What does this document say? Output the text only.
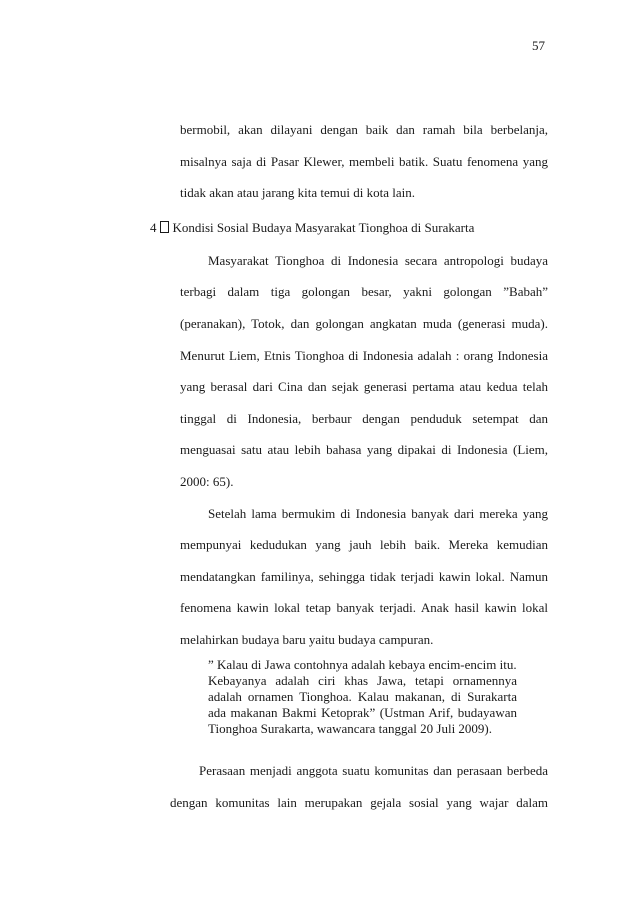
57
bermobil, akan dilayani dengan baik dan ramah bila berbelanja,
misalnya saja di Pasar Klewer, membeli batik. Suatu fenomena yang
tidak akan atau jarang kita temui di kota lain.
4 Kondisi Sosial Budaya Masyarakat Tionghoa di Surakarta
Masyarakat Tionghoa di Indonesia secara antropologi budaya
terbagi dalam tiga golongan besar, yakni golongan ”Babah”
(peranakan), Totok, dan golongan angkatan muda (generasi muda).
Menurut Liem, Etnis Tionghoa di Indonesia adalah : orang Indonesia
yang berasal dari Cina dan sejak generasi pertama atau kedua telah
tinggal di Indonesia, berbaur dengan penduduk setempat dan
menguasai satu atau lebih bahasa yang dipakai di Indonesia (Liem,
2000: 65).
Setelah lama bermukim di Indonesia banyak dari mereka yang
mempunyai kedudukan yang jauh lebih baik. Mereka kemudian
mendatangkan familinya, sehingga tidak terjadi kawin lokal. Namun
fenomena kawin lokal tetap banyak terjadi. Anak hasil kawin lokal
melahirkan budaya baru yaitu budaya campuran.
” Kalau di Jawa contohnya adalah kebaya encim-encim itu.
Kebayanya adalah ciri khas Jawa, tetapi ornamennya
adalah ornamen Tionghoa. Kalau makanan, di Surakarta
ada makanan Bakmi Ketoprak” (Ustman Arif, budayawan
Tionghoa Surakarta, wawancara tanggal 20 Juli 2009).
Perasaan menjadi anggota suatu komunitas dan perasaan berbeda
dengan komunitas lain merupakan gejala sosial yang wajar dalam
